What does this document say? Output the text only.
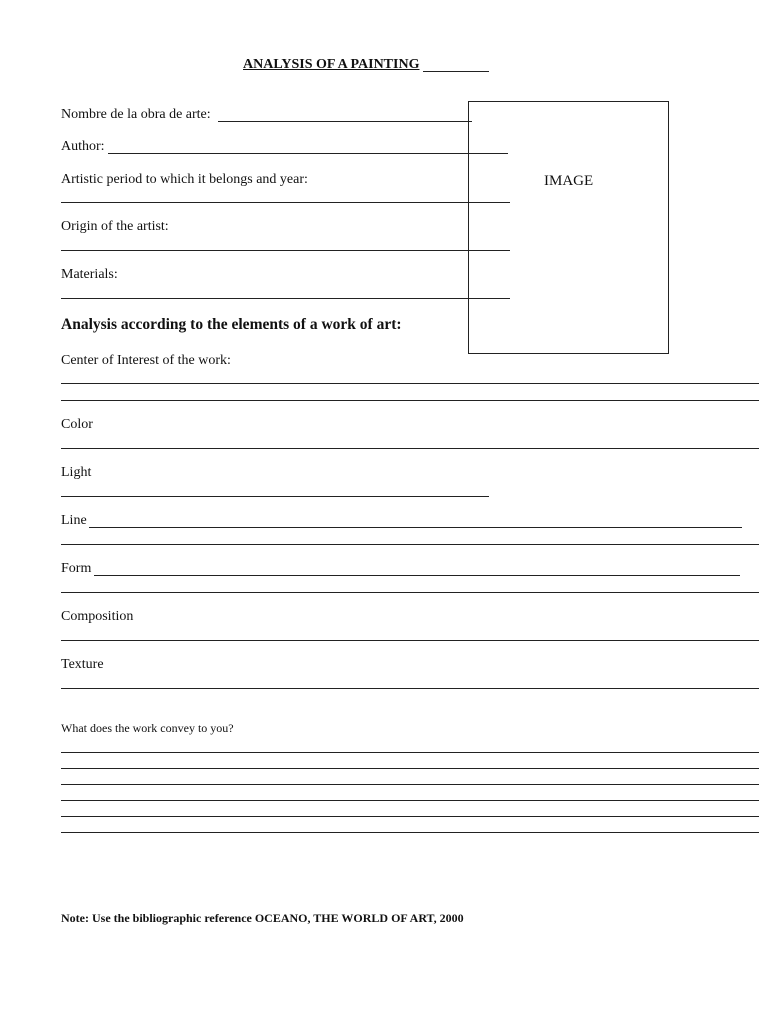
ANALYSIS OF A PAINTING
IMAGE
Nombre de la obra de arte:
Author:
Artistic period to which it belongs and year:
Origin of the artist:
Materials:
Analysis according to the elements of a work of art:
Center of Interest of the work:
Color
Light
Line
Form
Composition
Texture
What does the work convey to you?
Note: Use the bibliographic reference OCEANO, THE WORLD OF ART, 2000
